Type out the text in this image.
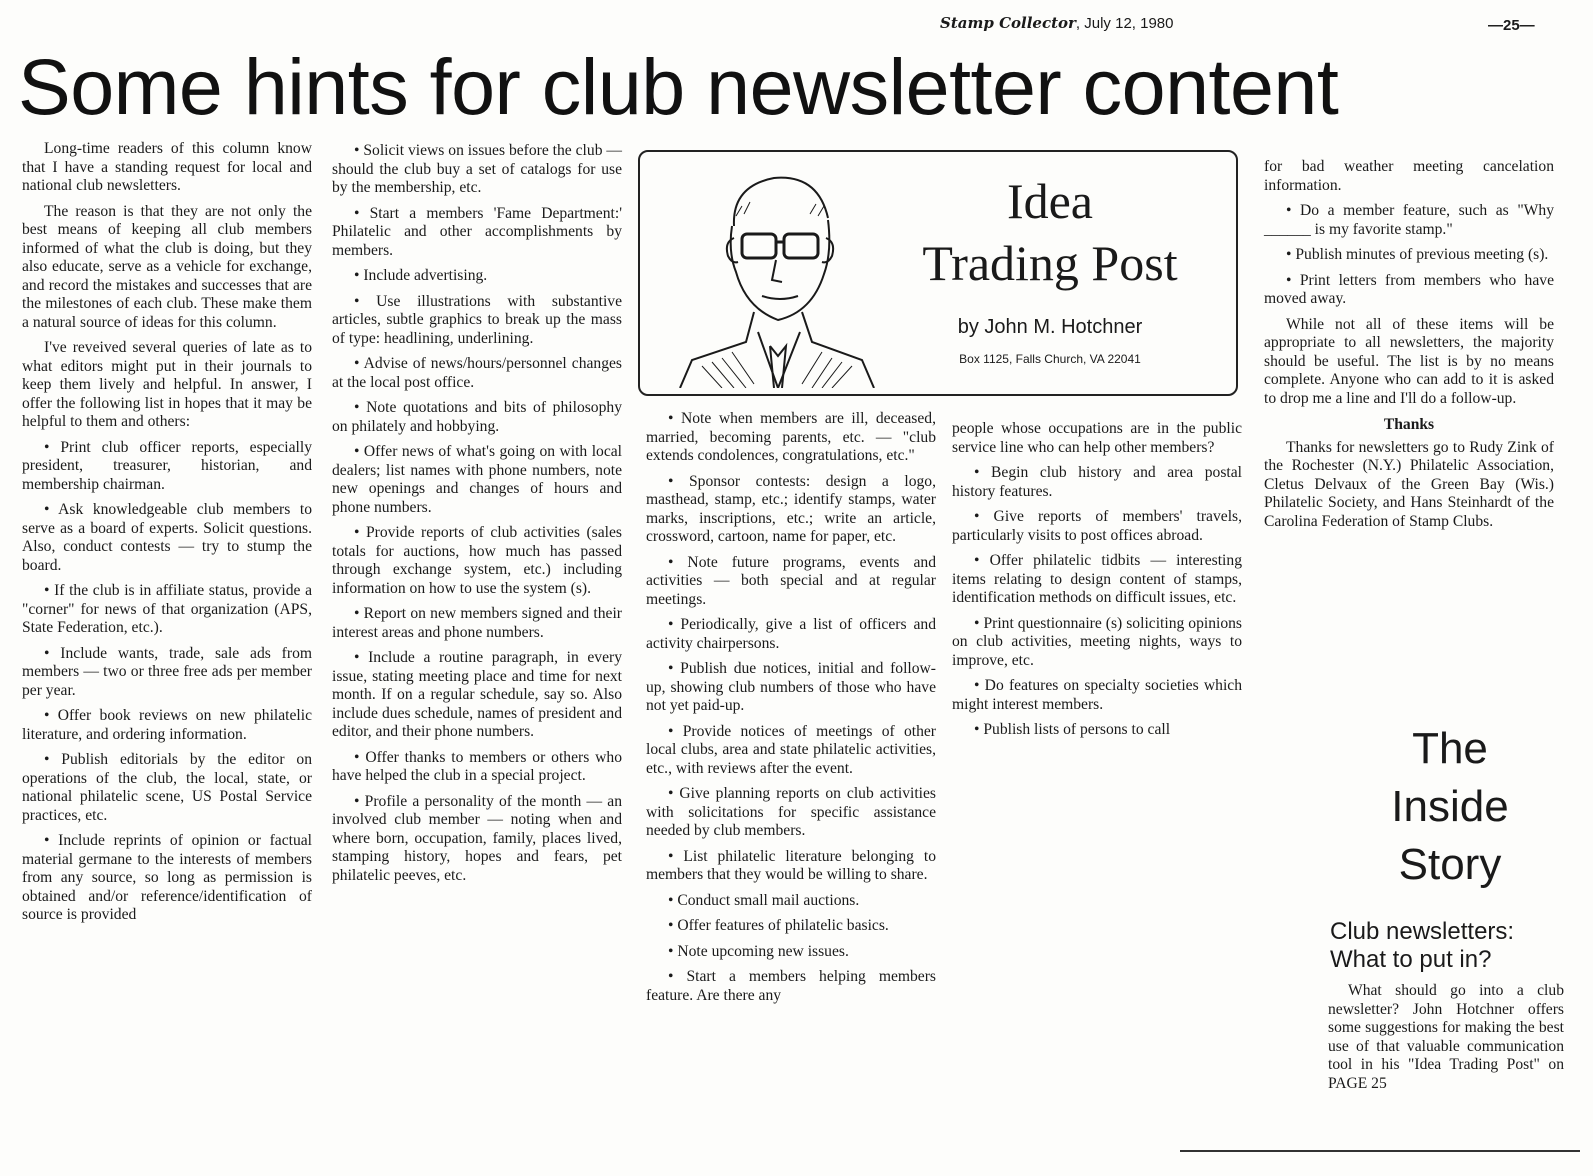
Stamp Collector, July 12, 1980	—25—
Some hints for club newsletter content

Long-time readers of this column know that I have a standing request for local and national club newsletters.

The reason is that they are not only the best means of keeping all club members informed of what the club is doing, but they also educate, serve as a vehicle for exchange, and record the mistakes and successes that are the milestones of each club. These make them a natural source of ideas for this column.

I've reveived several queries of late as to what editors might put in their journals to keep them lively and helpful. In answer, I offer the following list in hopes that it may be helpful to them and others:

• Print club officer reports, especially president, treasurer, historian, and membership chairman.

• Ask knowledgeable club members to serve as a board of experts. Solicit questions. Also, conduct contests — try to stump the board.

• If the club is in affiliate status, provide a "corner" for news of that organization (APS, State Federation, etc.).

• Include wants, trade, sale ads from members — two or three free ads per member per year.

• Offer book reviews on new philatelic literature, and ordering information.

• Publish editorials by the editor on operations of the club, the local, state, or national philatelic scene, US Postal Service practices, etc.

• Include reprints of opinion or factual material germane to the interests of members from any source, so long as permission is obtained and/or reference/identification of source is provided

• Solicit views on issues before the club — should the club buy a set of catalogs for use by the membership, etc.

• Start a members 'Fame Department:' Philatelic and other accomplishments by members.

• Include advertising.

• Use illustrations with substantive articles, subtle graphics to break up the mass of type: headlining, underlining.

• Advise of news/hours/personnel changes at the local post office.

• Note quotations and bits of philosophy on philately and hobbying.

• Offer news of what's going on with local dealers; list names with phone numbers, note new openings and changes of hours and phone numbers.

• Provide reports of club activities (sales totals for auctions, how much has passed through exchange system, etc.) including information on how to use the system (s).

• Report on new members signed and their interest areas and phone numbers.

• Include a routine paragraph, in every issue, stating meeting place and time for next month. If on a regular schedule, say so. Also include dues schedule, names of president and editor, and their phone numbers.

• Offer thanks to members or others who have helped the club in a special project.

• Profile a personality of the month — an involved club member — noting when and where born, occupation, family, places lived, stamping history, hopes and fears, pet philatelic peeves, etc.

Idea
Trading Post
by John M. Hotchner
Box 1125, Falls Church, VA 22041

• Note when members are ill, deceased, married, becoming parents, etc. — "club extends condolences, congratulations, etc."

• Sponsor contests: design a logo, masthead, stamp, etc.; identify stamps, water marks, inscriptions, etc.; write an article, crossword, cartoon, name for paper, etc.

• Note future programs, events and activities — both special and at regular meetings.

• Periodically, give a list of officers and activity chairpersons.

• Publish due notices, initial and follow-up, showing club numbers of those who have not yet paid-up.

• Provide notices of meetings of other local clubs, area and state philatelic activities, etc., with reviews after the event.

• Give planning reports on club activities with solicitations for specific assistance needed by club members.

• List philatelic literature belonging to members that they would be willing to share.

• Conduct small mail auctions.

• Offer features of philatelic basics.

• Note upcoming new issues.

• Start a members helping members feature. Are there any

people whose occupations are in the public service line who can help other members?

• Begin club history and area postal history features.

• Give reports of members' travels, particularly visits to post offices abroad.

• Offer philatelic tidbits — interesting items relating to design content of stamps, identification methods on difficult issues, etc.

• Print questionnaire (s) soliciting opinions on club activities, meeting nights, ways to improve, etc.

• Do features on specialty societies which might interest members.

• Publish lists of persons to call

for bad weather meeting cancelation information.

• Do a member feature, such as "Why ______ is my favorite stamp."

• Publish minutes of previous meeting (s).

• Print letters from members who have moved away.

While not all of these items will be appropriate to all newsletters, the majority should be useful. The list is by no means complete. Anyone who can add to it is asked to drop me a line and I'll do a follow-up.

Thanks

Thanks for newsletters go to Rudy Zink of the Rochester (N.Y.) Philatelic Association, Cletus Delvaux of the Green Bay (Wis.) Philatelic Society, and Hans Steinhardt of the Carolina Federation of Stamp Clubs.

The
Inside
Story
Club newsletters:
What to put in?

What should go into a club newsletter? John Hotchner offers some suggestions for making the best use of that valuable communication tool in his "Idea Trading Post" on PAGE 25
